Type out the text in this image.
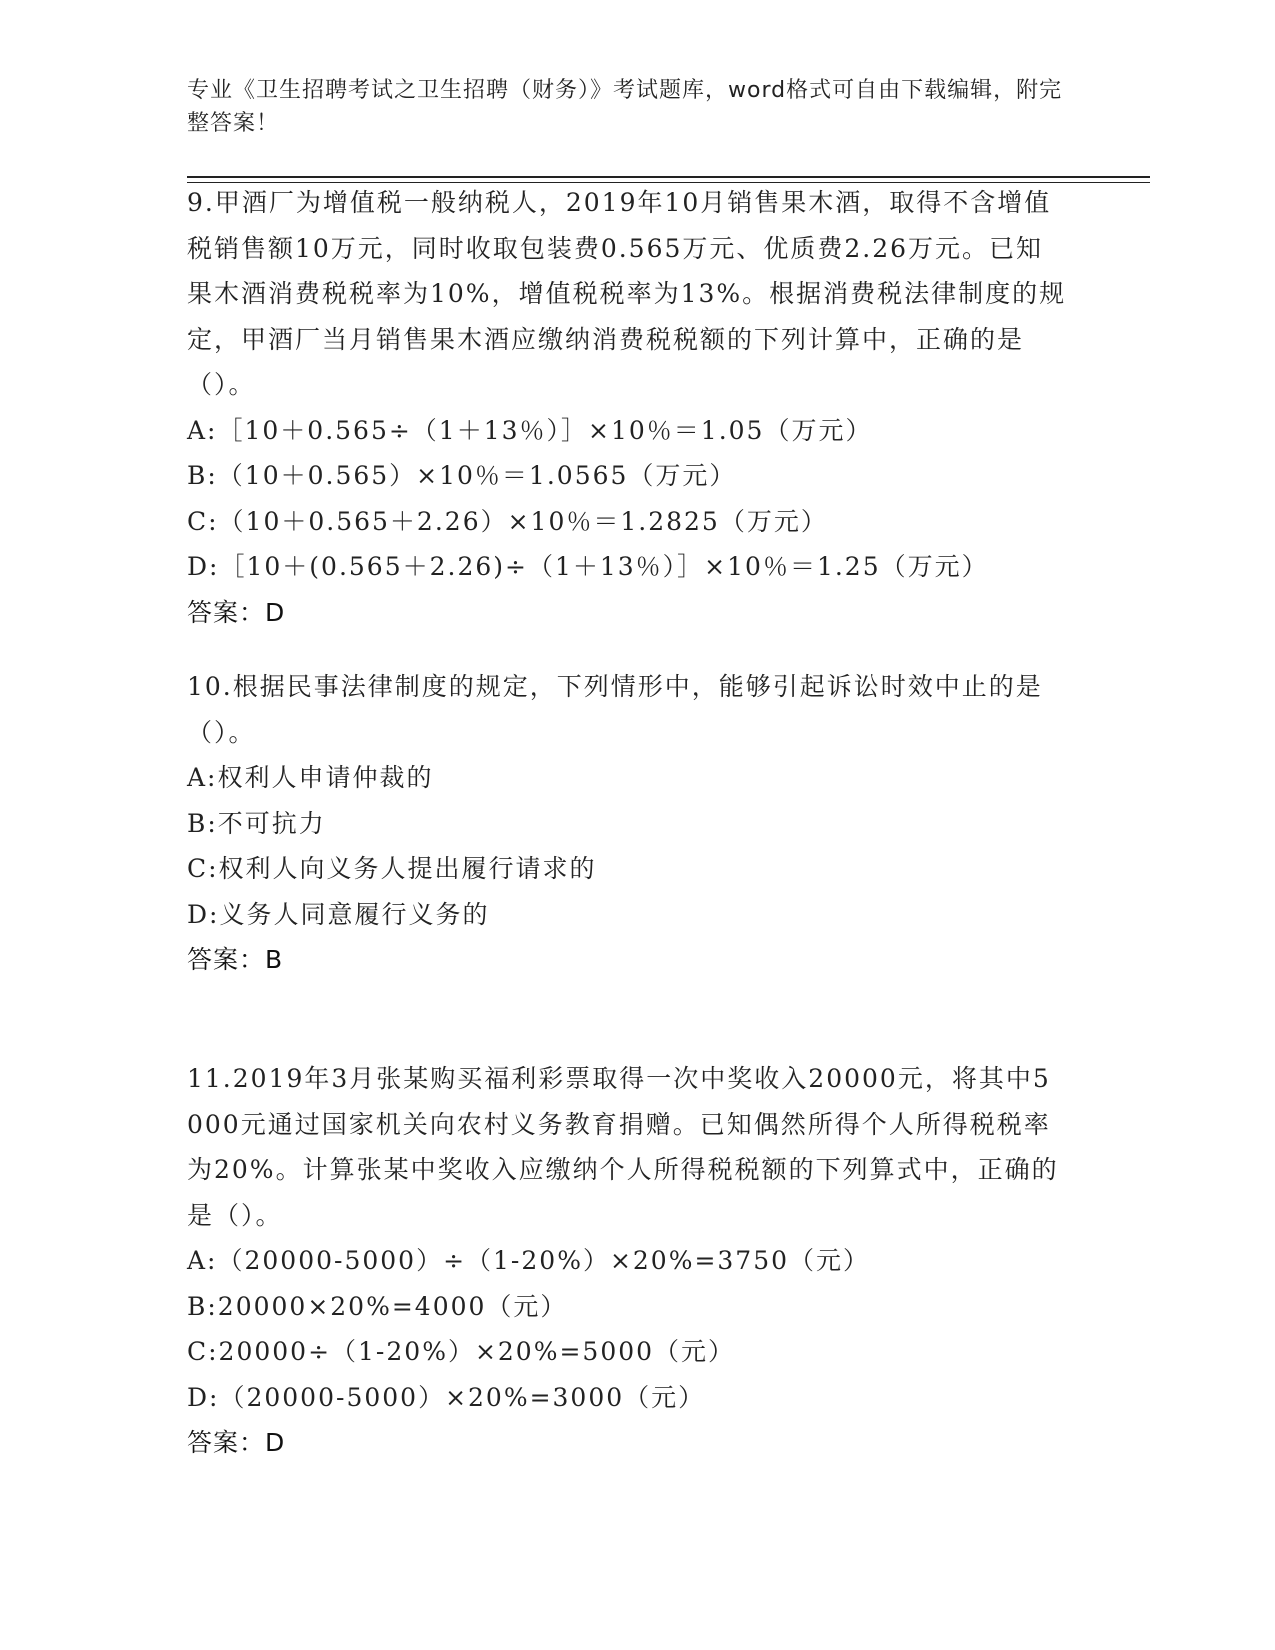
专业《卫生招聘考试之卫生招聘（财务）》考试题库，word格式可自由下载编辑，附完整答案！

9.甲酒厂为增值税一般纳税人，2019年10月销售果木酒，取得不含增值税销售额10万元，同时收取包装费0.565万元、优质费2.26万元。已知果木酒消费税税率为10%，增值税税率为13%。根据消费税法律制度的规定，甲酒厂当月销售果木酒应缴纳消费税税额的下列计算中，正确的是（）。

A:［10＋0.565÷（1＋13％）］×10％＝1.05（万元）

B:（10＋0.565）×10％＝1.0565（万元）

C:（10＋0.565＋2.26）×10％＝1.2825（万元）

D:［10＋(0.565＋2.26)÷（1＋13％）］×10％＝1.25（万元）

答案：D

10.根据民事法律制度的规定，下列情形中，能够引起诉讼时效中止的是（）。

A:权利人申请仲裁的

B:不可抗力

C:权利人向义务人提出履行请求的

D:义务人同意履行义务的

答案：B

11.2019年3月张某购买福利彩票取得一次中奖收入20000元，将其中5000元通过国家机关向农村义务教育捐赠。已知偶然所得个人所得税税率为20%。计算张某中奖收入应缴纳个人所得税税额的下列算式中，正确的是（）。

A:（20000-5000）÷（1-20%）×20%=3750（元）

B:20000×20%=4000（元）

C:20000÷（1-20%）×20%=5000（元）

D:（20000-5000）×20%=3000（元）

答案：D
